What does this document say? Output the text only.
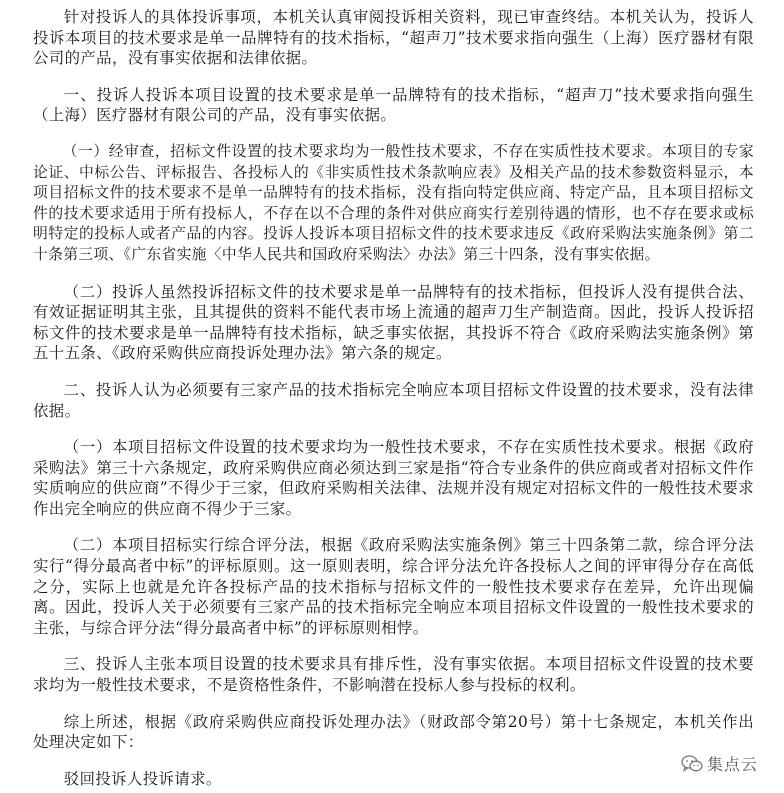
针对投诉人的具体投诉事项，本机关认真审阅投诉相关资料，现已审查终结。本机关认为，投诉人投诉本项目的技术要求是单一品牌特有的技术指标，“超声刀”技术要求指向强生（上海）医疗器材有限公司的产品，没有事实依据和法律依据。

一、投诉人投诉本项目设置的技术要求是单一品牌特有的技术指标，“超声刀”技术要求指向强生（上海）医疗器材有限公司的产品，没有事实依据。

（一）经审查，招标文件设置的技术要求均为一般性技术要求，不存在实质性技术要求。本项目的专家论证、中标公告、评标报告、各投标人的《非实质性技术条款响应表》及相关产品的技术参数资料显示，本项目招标文件的技术要求不是单一品牌特有的技术指标，没有指向特定供应商、特定产品，且本项目招标文件的技术要求适用于所有投标人，不存在以不合理的条件对供应商实行差别待遇的情形，也不存在要求或标明特定的投标人或者产品的内容。投诉人投诉本项目招标文件的技术要求违反《政府采购法实施条例》第二十条第三项、《广东省实施〈中华人民共和国政府采购法〉办法》第三十四条，没有事实依据。

（二）投诉人虽然投诉招标文件的技术要求是单一品牌特有的技术指标，但投诉人没有提供合法、有效证据证明其主张，且其提供的资料不能代表市场上流通的超声刀生产制造商。因此，投诉人投诉招标文件的技术要求是单一品牌特有技术指标，缺乏事实依据，其投诉不符合《政府采购法实施条例》第五十五条、《政府采购供应商投诉处理办法》第六条的规定。

二、投诉人认为必须要有三家产品的技术指标完全响应本项目招标文件设置的技术要求，没有法律依据。

（一）本项目招标文件设置的技术要求均为一般性技术要求，不存在实质性技术要求。根据《政府采购法》第三十六条规定，政府采购供应商必须达到三家是指“符合专业条件的供应商或者对招标文件作实质响应的供应商”不得少于三家，但政府采购相关法律、法规并没有规定对招标文件的一般性技术要求作出完全响应的供应商不得少于三家。

（二）本项目招标实行综合评分法，根据《政府采购法实施条例》第三十四条第二款，综合评分法实行“得分最高者中标”的评标原则。这一原则表明，综合评分法允许各投标人之间的评审得分存在高低之分，实际上也就是允许各投标产品的技术指标与招标文件的一般性技术要求存在差异，允许出现偏离。因此，投诉人关于必须要有三家产品的技术指标完全响应本项目招标文件设置的一般性技术要求的主张，与综合评分法“得分最高者中标”的评标原则相悖。

三、投诉人主张本项目设置的技术要求具有排斥性，没有事实依据。本项目招标文件设置的技术要求均为一般性技术要求，不是资格性条件，不影响潜在投标人参与投标的权利。

综上所述，根据《政府采购供应商投诉处理办法》（财政部令第20号）第十七条规定，本机关作出处理决定如下：

驳回投诉人投诉请求。

集点云
